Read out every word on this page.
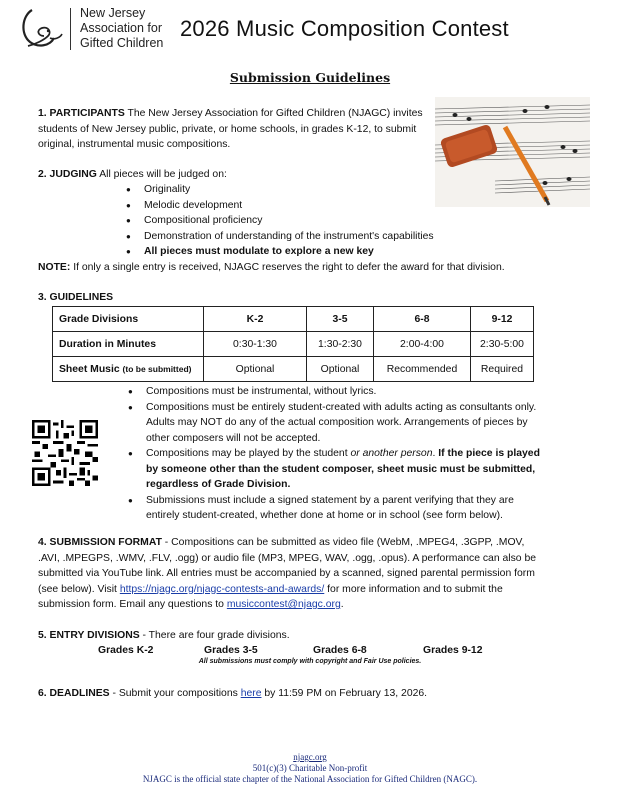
New Jersey
Association for
Gifted Children
2026 Music Composition Contest
Submission Guidelines
1. PARTICIPANTS The New Jersey Association for Gifted Children (NJAGC) invites students of New Jersey public, private, or home schools, in grades K-12, to submit original, instrumental music compositions.
2. JUDGING All pieces will be judged on:
● Originality
● Melodic development
● Compositional proficiency
● Demonstration of understanding of the instrument's capabilities
● All pieces must modulate to explore a new key
NOTE: If only a single entry is received, NJAGC reserves the right to defer the award for that division.
3. GUIDELINES
Grade Divisions	K-2	3-5	6-8	9-12
Duration in Minutes	0:30-1:30	1:30-2:30	2:00-4:00	2:30-5:00
Sheet Music (to be submitted)	Optional	Optional	Recommended	Required
● Compositions must be instrumental, without lyrics.
● Compositions must be entirely student-created with adults acting as consultants only. Adults may NOT do any of the actual composition work. Arrangements of pieces by other composers will not be accepted.
● Compositions may be played by the student or another person. If the piece is played by someone other than the student composer, sheet music must be submitted, regardless of Grade Division.
● Submissions must include a signed statement by a parent verifying that they are entirely student-created, whether done at home or in school (see form below).
4. SUBMISSION FORMAT - Compositions can be submitted as video file (WebM, .MPEG4, .3GPP, .MOV, .AVI, .MPEGPS, .WMV, .FLV, .ogg) or audio file (MP3, MPEG, WAV, .ogg, .opus). A performance can also be submitted via YouTube link. All entries must be accompanied by a scanned, signed parental permission form (see below). Visit https://njagc.org/njagc-contests-and-awards/ for more information and to submit the submission form. Email any questions to musiccontest@njagc.org.
5. ENTRY DIVISIONS - There are four grade divisions.
Grades K-2	Grades 3-5	Grades 6-8	Grades 9-12
All submissions must comply with copyright and Fair Use policies.
6. DEADLINES - Submit your compositions here by 11:59 PM on February 13, 2026.
njagc.org
501(c)(3) Charitable Non-profit
NJAGC is the official state chapter of the National Association for Gifted Children (NAGC).
